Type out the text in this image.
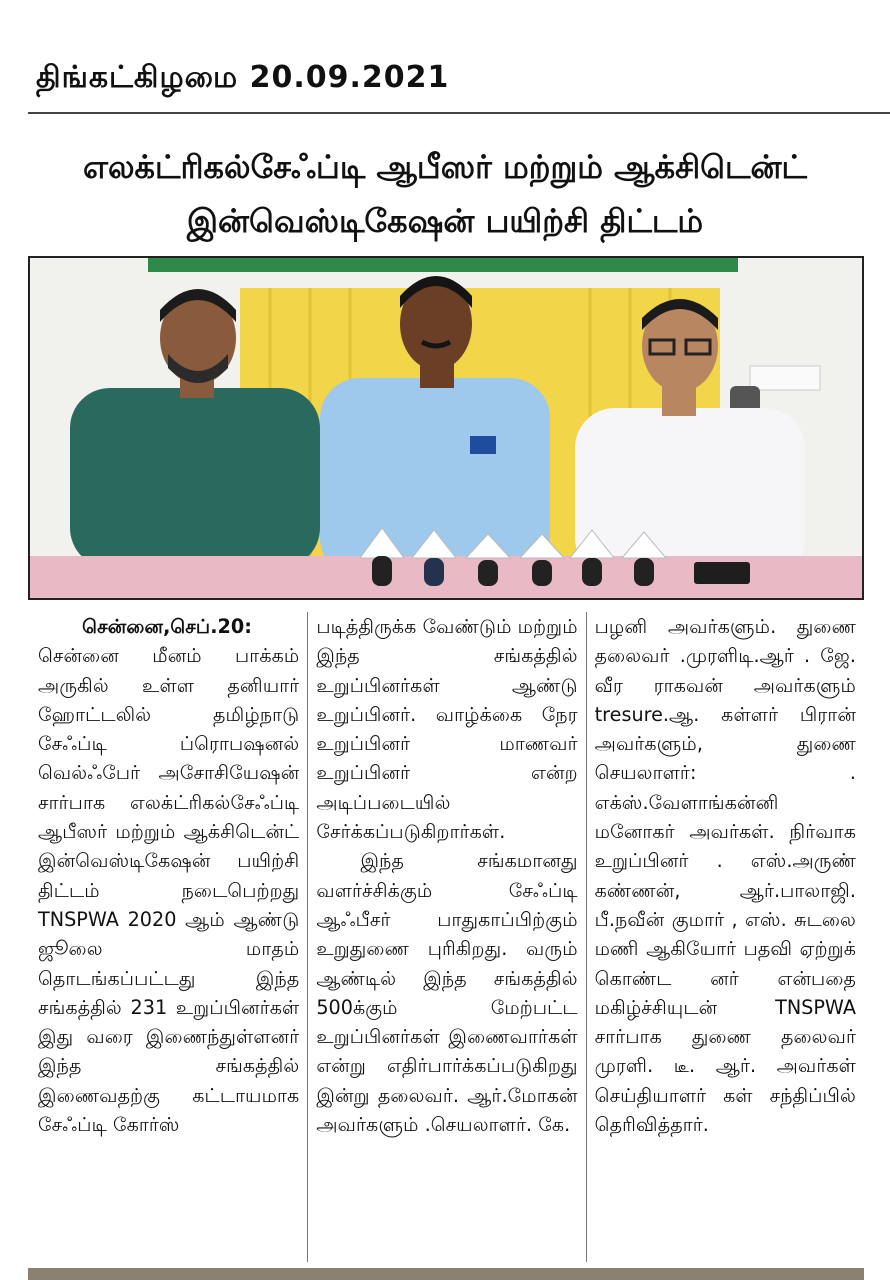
திங்கட்கிழமை 20.09.2021
எலக்ட்ரிகல்சேஃப்டி ஆபீஸர் மற்றும் ஆக்சிடென்ட்
இன்வெஸ்டிகேஷன் பயிற்சி திட்டம்

சென்னை,செப்.20: சென்னை மீனம் பாக்கம் அருகில் உள்ள தனியார் ஹோட்டலில் தமிழ்நாடு சேஃப்டி ப்ரொபஷனல் வெல்ஃபேர் அசோசியேஷன் சார்பாக எலக்ட்ரிகல்சேஃப்டி ஆபீஸர் மற்றும் ஆக்சிடென்ட் இன்வெஸ்டிகேஷன் பயிற்சி திட்டம் நடைபெற்றது TNSPWA 2020 ஆம் ஆண்டு ஜூலை மாதம் தொடங்கப்பட்டது இந்த சங்கத்தில் 231 உறுப்பினர்கள் இது வரை இணைந்துள்ளனர் இந்த சங்கத்தில் இணைவதற்கு கட்டாயமாக சேஃப்டி கோர்ஸ்

படித்திருக்க வேண்டும் மற்றும் இந்த சங்கத்தில் உறுப்பினர்கள் ஆண்டு உறுப்பினர். வாழ்க்கை நேர உறுப்பினர் மாணவர் உறுப்பினர் என்ற அடிப்படையில் சேர்க்கப்படுகிறார்கள்.

இந்த சங்கமானது வளர்ச்சிக்கும் சேஃப்டி ஆஃபீசர் பாதுகாப்பிற்கும் உறுதுணை புரிகிறது. வரும் ஆண்டில் இந்த சங்கத்தில் 500க்கும் மேற்பட்ட உறுப்பினர்கள் இணைவார்கள் என்று எதிர்பார்க்கப்படுகிறது இன்று தலைவர். ஆர்.மோகன் அவர்களும் .செயலாளர். கே.

பழனி அவர்களும். துணை தலைவர் .முரளிடி.ஆர் . ஜே. வீர ராகவன் அவர்களும் tresure.ஆ. கள்ளர் பிரான் அவர்களும், துணை செயலாளர்: . எக்ஸ்.வேளாங்கன்னி மனோகர் அவர்கள். நிர்வாக உறுப்பினர் . எஸ்.அருண் கண்ணன், ஆர்.பாலாஜி. பீ.நவீன் குமார் , எஸ். சுடலை மணி ஆகியோர் பதவி ஏற்றுக் கொண்ட னர் என்பதை மகிழ்ச்சியுடன் TNSPWA சார்பாக துணை தலைவர் முரளி. டீ. ஆர். அவர்கள் செய்தியாளர் கள் சந்திப்பில் தெரிவித்தார்.
